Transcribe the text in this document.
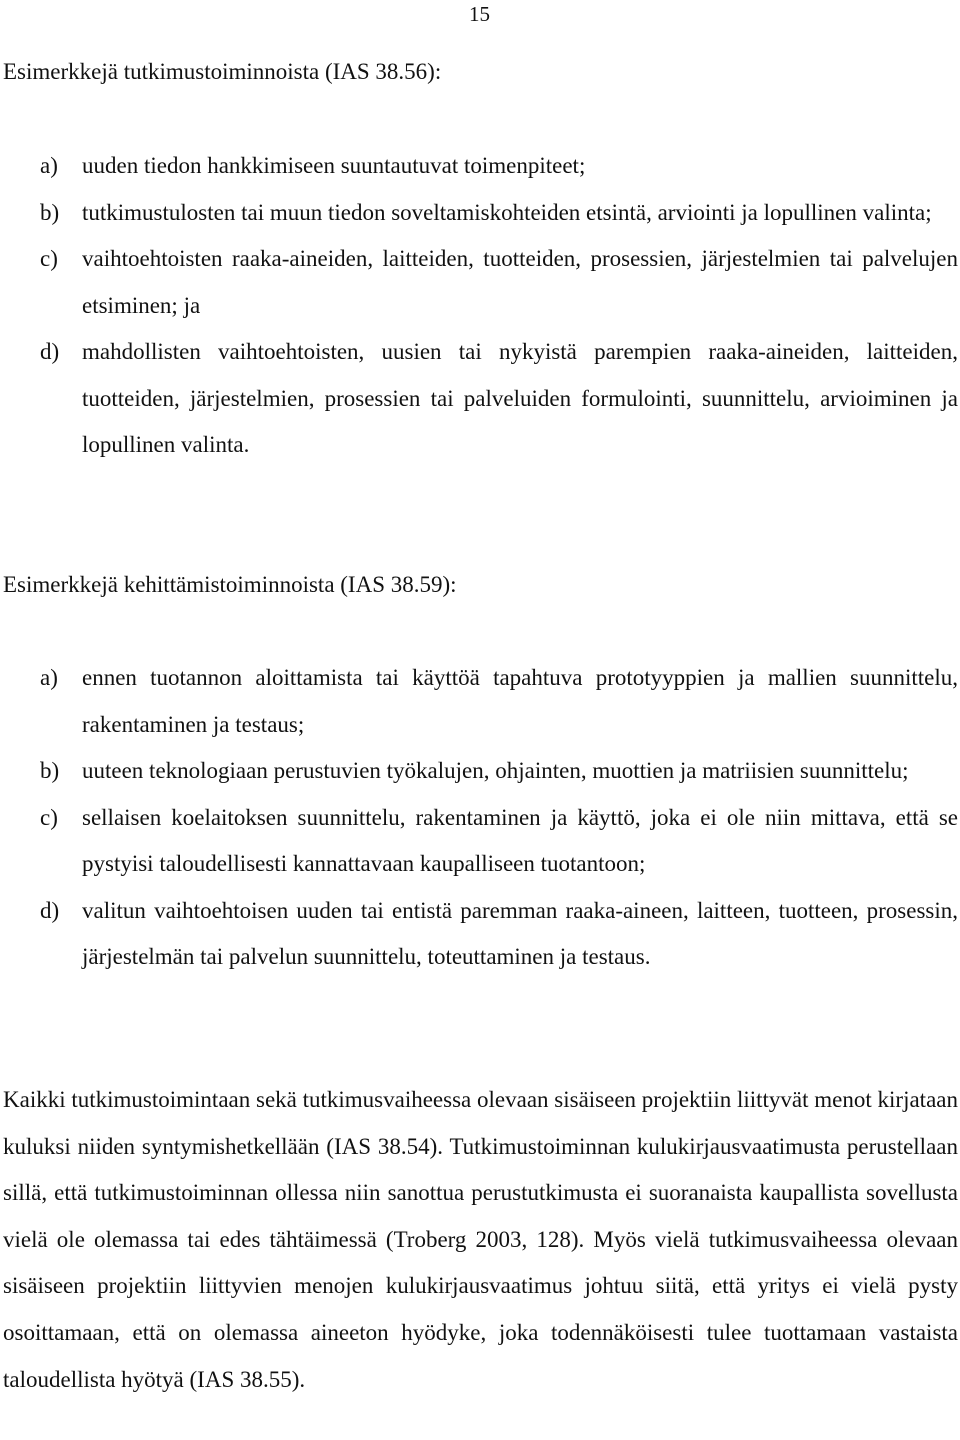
15
Esimerkkejä tutkimustoiminnoista (IAS 38.56):
a) uuden tiedon hankkimiseen suuntautuvat toimenpiteet;
b) tutkimustulosten tai muun tiedon soveltamiskohteiden etsintä, arviointi ja lopullinen valinta;
c) vaihtoehtoisten raaka-aineiden, laitteiden, tuotteiden, prosessien, järjestelmien tai palvelujen etsiminen; ja
d) mahdollisten vaihtoehtoisten, uusien tai nykyistä parempien raaka-aineiden, laitteiden, tuotteiden, järjestelmien, prosessien tai palveluiden formulointi, suunnittelu, arvioiminen ja lopullinen valinta.
Esimerkkejä kehittämistoiminnoista (IAS 38.59):
a) ennen tuotannon aloittamista tai käyttöä tapahtuva prototyyppien ja mallien suunnittelu, rakentaminen ja testaus;
b) uuteen teknologiaan perustuvien työkalujen, ohjainten, muottien ja matriisien suunnittelu;
c) sellaisen koelaitoksen suunnittelu, rakentaminen ja käyttö, joka ei ole niin mittava, että se pystyisi taloudellisesti kannattavaan kaupalliseen tuotantoon;
d) valitun vaihtoehtoisen uuden tai entistä paremman raaka-aineen, laitteen, tuotteen, prosessin, järjestelmän tai palvelun suunnittelu, toteuttaminen ja testaus.

Kaikki tutkimustoimintaan sekä tutkimusvaiheessa olevaan sisäiseen projektiin liittyvät menot kirjataan kuluksi niiden syntymishetkellään (IAS 38.54). Tutkimustoiminnan kulukirjausvaatimusta perustellaan sillä, että tutkimustoiminnan ollessa niin sanottua perustutkimusta ei suoranaista kaupallista sovellusta vielä ole olemassa tai edes tähtäimessä (Troberg 2003, 128). Myös vielä tutkimusvaiheessa olevaan sisäiseen projektiin liittyvien menojen kulukirjausvaatimus johtuu siitä, että yritys ei vielä pysty osoittamaan, että on olemassa aineeton hyödyke, joka todennäköisesti tulee tuottamaan vastaista taloudellista hyötyä (IAS 38.55).
